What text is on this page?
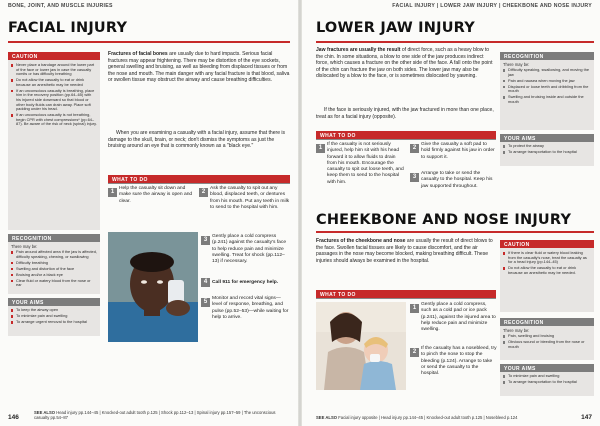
BONE, JOINT, AND MUSCLE INJURIES
FACIAL INJURY
CAUTION
Never place a bandage around the lower part of the face or lower jaw in case the casualty vomits or has difficulty breathing
Do not allow the casualty to eat or drink because an anesthetic may be needed
If an unconscious casualty is breathing, place him in the recovery position (pp.64–65) with his injured side downward so that blood or other body fluids can drain away. Place soft padding under his head.
If an unconscious casualty is not breathing, begin CPR with chest compressions* (pp.64–87). Be aware of the risk of neck (spinal) injury.
RECOGNITION
There may be:
Pain around affected area if the jaw is affected, difficulty speaking, chewing, or swallowing
Difficulty breathing
Swelling and distortion of the face
Bruising and/or a black eye
Clear fluid or watery blood from the nose or ear
YOUR AIMS
To keep the airway open
To minimize pain and swelling
To arrange urgent removal to the hospital
Fractures of facial bones are usually due to hard impacts. Serious facial fractures may appear frightening. There may be distortion of the eye sockets, general swelling and bruising, as well as bleeding from displaced tissues or from the nose and mouth. The main danger with any facial fracture is that blood, saliva or swollen tissue may obstruct the airway and cause breathing difficulties.
When you are examining a casualty with a facial injury, assume that there is damage to the skull, brain, or neck; don't dismiss the symptoms as just the bruising around an eye that is commonly known as a "black eye."
WHAT TO DO
1
Help the casualty sit down and make sure the airway is open and clear.
2
Ask the casualty to spit out any blood, displaced teeth, or dentures from his mouth. Put any teeth in milk to send to the hospital with him.
3
Gently place a cold compress (p.241) against the casualty's face to help reduce pain and minimize swelling. Treat for shock (pp.112–13) if necessary.
4 Call 911 for emergency help.
5
Monitor and record vital signs—level of response, breathing, and pulse (pp.52–53)—while waiting for help to arrive.
SEE ALSO Head injury pp.144–45 | Knocked-out adult tooth p.125 | Shock pp.112–13 | Spinal injury pp.157–59 | The unconscious casualty pp.54–87
146
FACIAL INJURY | LOWER JAW INJURY | CHEEKBONE AND NOSE INJURY
LOWER JAW INJURY
Jaw fractures are usually the result of direct force, such as a heavy blow to the chin. In some situations, a blow to one side of the jaw produces indirect force, which causes a fracture on the other side of the face. A fall onto the point of the chin can fracture the jaw on both sides. The lower jaw may also be dislocated by a blow to the face, or is sometimes dislocated by yawning.
If the face is seriously injured, with the jaw fractured in more than one place, treat as for a facial injury (opposite).
RECOGNITION
There may be:
Difficulty speaking, swallowing, and moving the jaw
Pain and nausea when moving the jaw
Displaced or loose teeth and dribbling from the mouth
Swelling and bruising inside and outside the mouth
YOUR AIMS
To protect the airway
To arrange transportation to the hospital
WHAT TO DO
1
If the casualty is not seriously injured, help him sit with his head forward it to allow fluids to drain from his mouth. Encourage the casualty to spit out loose teeth, and keep them to send to the hospital with him.
2
Give the casualty a soft pad to hold firmly against his jaw in order to support it.
3
Arrange to take or send the casualty to the hospital. Keep his jaw supported throughout.
CHEEKBONE AND NOSE INJURY
Fractures of the cheekbone and nose are usually the result of direct blows to the face. Swollen facial tissues are likely to cause discomfort, and the air passages in the nose may become blocked, making breathing difficult. These injuries should always be examined in the hospital.
CAUTION
If there is clear fluid or watery blood leaking from the casualty's nose, treat the casualty as for a head injury (pp.144–45)
Do not allow the casualty to eat or drink because an anesthetic may be needed.
RECOGNITION
There may be:
Pain, swelling and bruising
Obvious wound or bleeding from the nose or mouth
YOUR AIMS
To minimize pain and swelling
To arrange transportation to the hospital
WHAT TO DO
1
Gently place a cold compress, such as a cold pad or ice pack (p.241), against the injured area to help reduce pain and minimize swelling.
2
If the casualty has a nosebleed, try to pinch the nose to stop the bleeding (p.124). Arrange to take or send the casualty to the hospital.
SEE ALSO Facial injury opposite | Head injury pp.144–45 | Knocked-out adult tooth p.125 | Nosebleed p.124	147
